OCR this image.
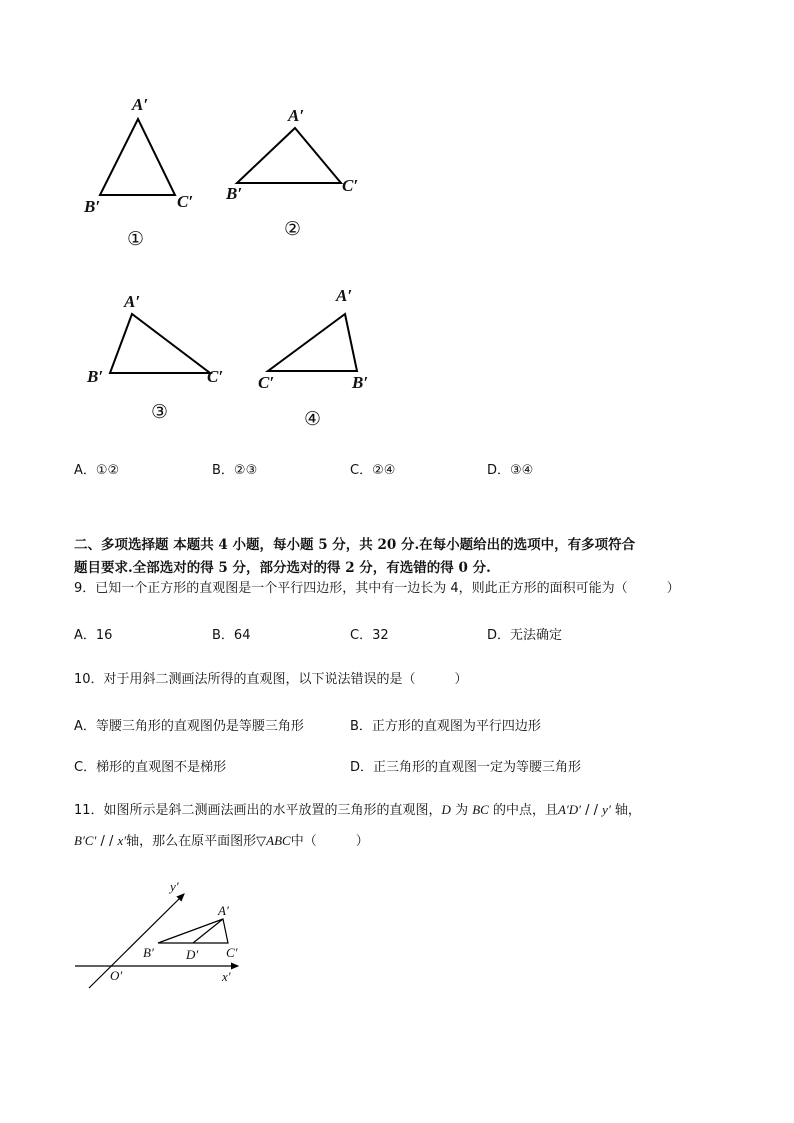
A′
B′	C′
①
A′
B′	C′
②
A′
B′	C′
③
A′
C′	B′
④
A．①②	B．②③	C．②④	D．③④
二、多项选择题 本题共 4 小题，每小题 5 分，共 20 分.在每小题给出的选项中，有多项符合
题目要求.全部选对的得 5 分，部分选对的得 2 分，有选错的得 0 分.
9．已知一个正方形的直观图是一个平行四边形，其中有一边长为 4，则此正方形的面积可能为（　　　）
A．16	B．64	C．32	D．无法确定
10．对于用斜二测画法所得的直观图，以下说法错误的是（　　　）
A．等腰三角形的直观图仍是等腰三角形	B．正方形的直观图为平行四边形
C．梯形的直观图不是梯形	D．正三角形的直观图一定为等腰三角形
11．如图所示是斜二测画法画出的水平放置的三角形的直观图，D 为 BC 的中点，且A′D′ / / y′ 轴，
B′C′ / / x′轴，那么在原平面图形▽ABC中（　　　）
y′
x′
O′
A′
B′	C′
D′
